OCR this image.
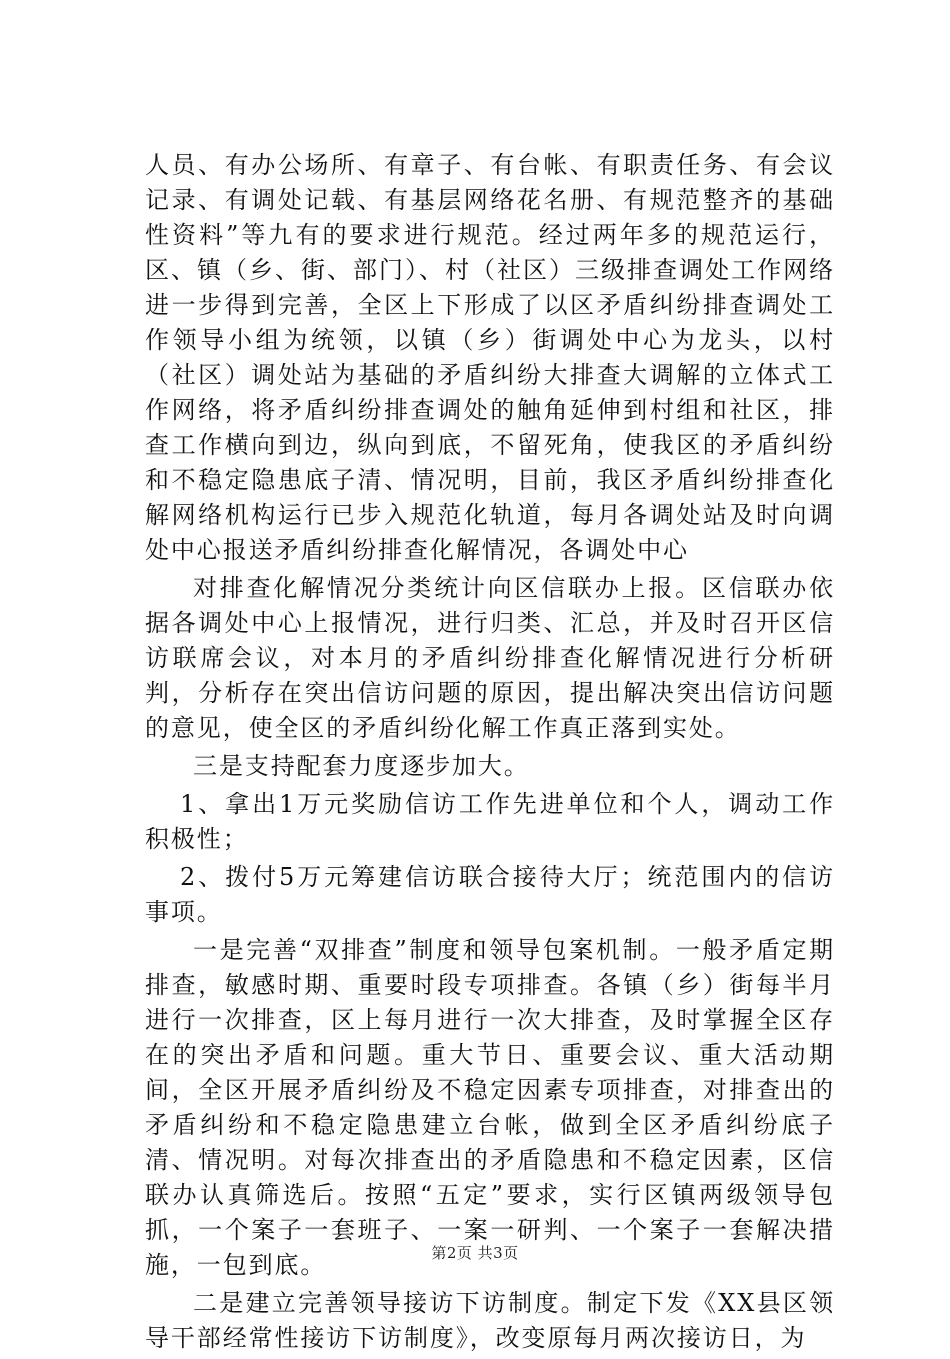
人员、有办公场所、有章子、有台帐、有职责任务、有会议记录、有调处记载、有基层网络花名册、有规范整齐的基础性资料”等九有的要求进行规范。经过两年多的规范运行，区、镇（乡、街、部门）、村（社区）三级排查调处工作网络进一步得到完善，全区上下形成了以区矛盾纠纷排查调处工作领导小组为统领，以镇（乡）街调处中心为龙头，以村（社区）调处站为基础的矛盾纠纷大排查大调解的立体式工作网络，将矛盾纠纷排查调处的触角延伸到村组和社区，排查工作横向到边，纵向到底，不留死角，使我区的矛盾纠纷和不稳定隐患底子清、情况明，目前，我区矛盾纠纷排查化解网络机构运行已步入规范化轨道，每月各调处站及时向调处中心报送矛盾纠纷排查化解情况，各调处中心

对排查化解情况分类统计向区信联办上报。区信联办依据各调处中心上报情况，进行归类、汇总，并及时召开区信访联席会议，对本月的矛盾纠纷排查化解情况进行分析研判，分析存在突出信访问题的原因，提出解决突出信访问题的意见，使全区的矛盾纠纷化解工作真正落到实处。

三是支持配套力度逐步加大。

1、拿出1万元奖励信访工作先进单位和个人，调动工作积极性；

2、拨付5万元筹建信访联合接待大厅；统范围内的信访事项。

一是完善“双排查”制度和领导包案机制。一般矛盾定期排查，敏感时期、重要时段专项排查。各镇（乡）街每半月进行一次排查，区上每月进行一次大排查，及时掌握全区存在的突出矛盾和问题。重大节日、重要会议、重大活动期间，全区开展矛盾纠纷及不稳定因素专项排查，对排查出的矛盾纠纷和不稳定隐患建立台帐，做到全区矛盾纠纷底子清、情况明。对每次排查出的矛盾隐患和不稳定因素，区信联办认真筛选后。按照“五定”要求，实行区镇两级领导包抓，一个案子一套班子、一案一研判、一个案子一套解决措施，一包到底。

二是建立完善领导接访下访制度。制定下发《XX县区领导干部经常性接访下访制度》，改变原每月两次接访日，为

第2页 共3页
